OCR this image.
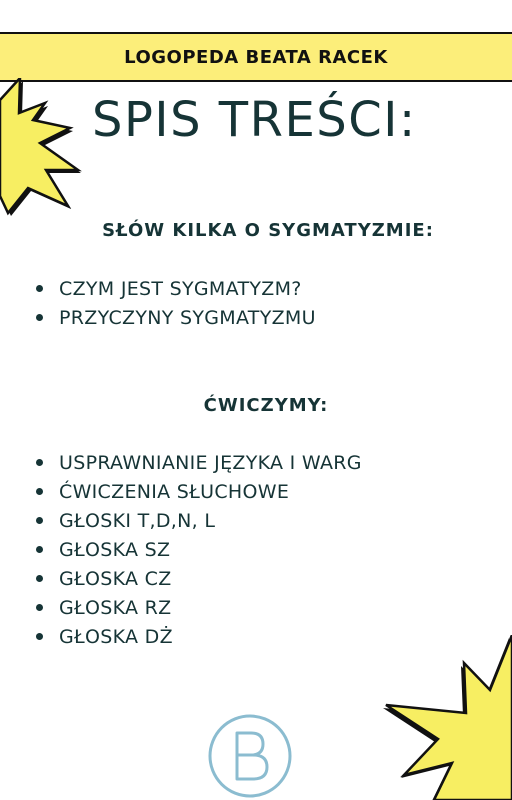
LOGOPEDA BEATA RACEK
SPIS TREŚCI:
SŁÓW KILKA O SYGMATYZMIE:
CZYM JEST SYGMATYZM?
PRZYCZYNY SYGMATYZMU
ĆWICZYMY:
USPRAWNIANIE JĘZYKA I WARG
ĆWICZENIA SŁUCHOWE
GŁOSKI T,D,N, L
GŁOSKA SZ
GŁOSKA CZ
GŁOSKA RZ
GŁOSKA DŻ
